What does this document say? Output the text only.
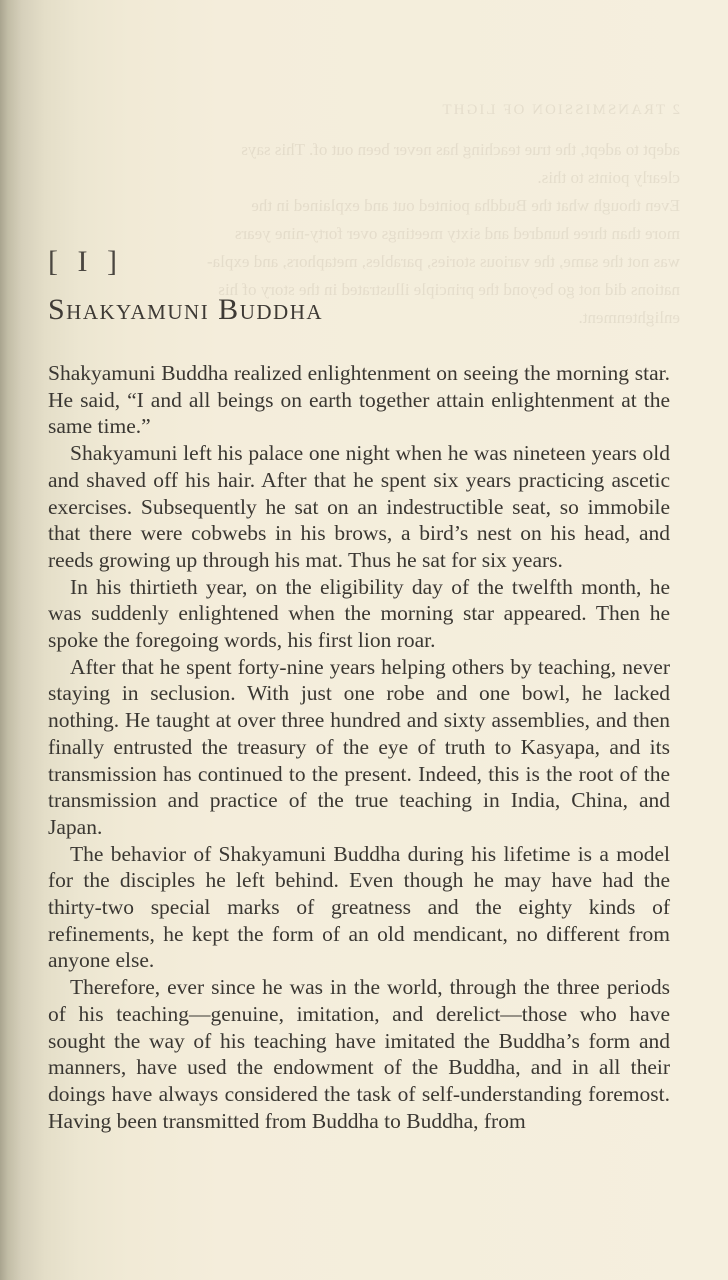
2 TRANSMISSION OF LIGHT
adept to adept, the true teaching has never been out of. This says
clearly points to this.
Even though what the Buddha pointed out and explained in the
more than three hundred and sixty meetings over forty-nine years
was not the same, the various stories, parables, metaphors, and expla-
nations did not go beyond the principle illustrated in the story of his
enlightenment.
[ I ]
Shakyamuni Buddha

Shakyamuni Buddha realized enlightenment on seeing the morning star. He said, “I and all beings on earth together attain enlightenment at the same time.”

Shakyamuni left his palace one night when he was nineteen years old and shaved off his hair. After that he spent six years practicing ascetic exercises. Subsequently he sat on an indestructible seat, so immobile that there were cobwebs in his brows, a bird’s nest on his head, and reeds growing up through his mat. Thus he sat for six years.

In his thirtieth year, on the eligibility day of the twelfth month, he was suddenly enlightened when the morning star appeared. Then he spoke the foregoing words, his first lion roar.

After that he spent forty-nine years helping others by teaching, never staying in seclusion. With just one robe and one bowl, he lacked nothing. He taught at over three hundred and sixty assemblies, and then finally entrusted the treasury of the eye of truth to Kasyapa, and its transmission has continued to the present. Indeed, this is the root of the transmission and practice of the true teaching in India, China, and Japan.

The behavior of Shakyamuni Buddha during his lifetime is a model for the disciples he left behind. Even though he may have had the thirty-two special marks of greatness and the eighty kinds of refinements, he kept the form of an old mendicant, no different from anyone else.

Therefore, ever since he was in the world, through the three periods of his teaching—genuine, imitation, and derelict—those who have sought the way of his teaching have imitated the Buddha’s form and manners, have used the endowment of the Buddha, and in all their doings have always considered the task of self-understanding foremost. Having been transmitted from Buddha to Buddha, from
